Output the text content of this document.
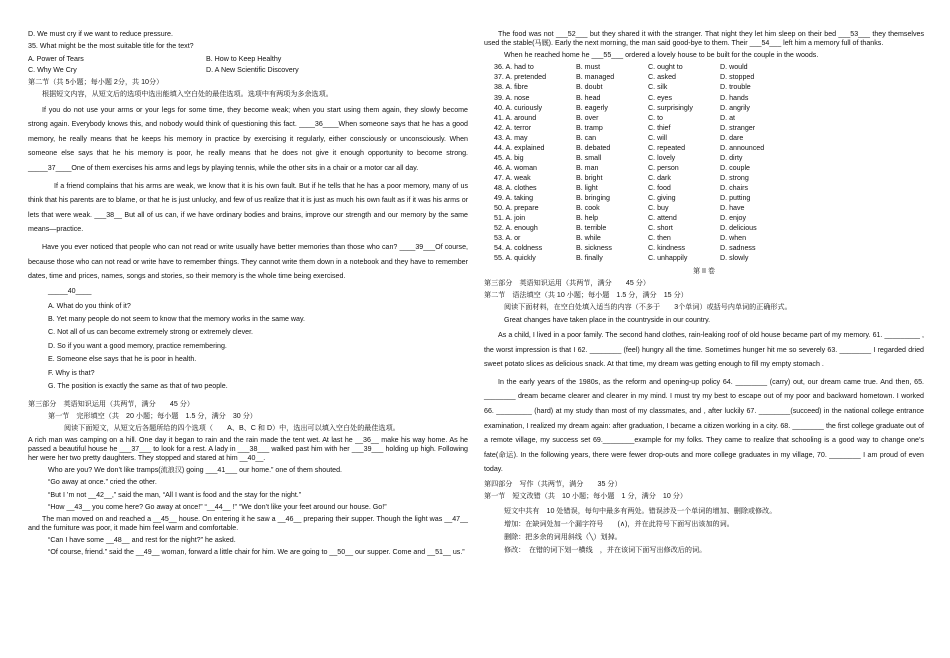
D. We must cry if we want to reduce pressure.

35. What might be the most suitable title for the text?

A. Power of Tears	B. How to Keep Healthy
C. Why We Cry	D. A New Scientific Discovery

第二节（共 5小题；每小题 2分，共 10分）

根据短文内容，从短文后的选项中选出能填入空白处的最佳选项。选项中有两项为多余选项。

If you do not use your arms or your legs for some time, they become weak; when you start using them again, they slowly become strong again. Everybody knows this, and nobody would think of questioning this fact. ____36____When someone says that he has a good memory, he really means that he keeps his memory in practice by exercising it regularly, either consciously or unconsciously. When someone else says that he his memory is poor, he really means that he does not give it enough opportunity to become strong. _____37____One of them exercises his arms and legs by playing tennis, while the other sits in a chair or a motor car all day.

If a friend complains that his arms are weak, we know that it is his own fault. But if he tells that he has a poor memory, many of us think that his parents are to blame, or that he is just unlucky, and few of us realize that it is just as much his own fault as if it was his arms or lets that were weak. ___38__ But all of us can, if we have ordinary bodies and brains, improve our strength and our memory by the same means—practice.

Have you ever noticed that people who can not read or write usually have better memories than those who can? ____39___Of course, because those who can not read or write have to remember things. They cannot write them down in a notebook and they have to remember dates, time and prices, names, songs and stories, so their memory is the whole time being exercised.

_____40____

A. What do you think of it?

B. Yet many people do not seem to know that the memory works in the same way.

C. Not all of us can become extremely strong or extremely clever.

D. So if you want a good memory, practice remembering.

E. Someone else says that he is poor in health.

F. Why is that?

G. The position is exactly the same as that of two people.

第三部分　英语知识运用（共两节，满分　　45 分）

第一节　完形填空（共　20 小题；每小题　1.5 分，满分　30 分）

阅读下面短文，从短文后各题所给的四个选项（　　A、B、C 和 D）中，选出可以填入空白处的最佳选项。

A rich man was camping on a hill. One day it began to rain and the rain made the tent wet. At last he __36__ make his way home. As he passed a beautiful house he ___37___ to look for a rest. A lady in ___38___ walked past him with her ___39___ holding up high. Following her were her two pretty daughters. They stopped and stared at him __40__.

Who are you? We don’t like tramps(流浪汉) going ___41___ our home.” one of them shouted.

“Go away at once.” cried the other.

“But I ’m not __42__,” said the man, “All I want is food and the stay for the night.”

“How __43__ you come here? Go away at once!” “__44__ !” “We don’t like your feet around our house. Go!”

The man moved on and reached a __45__ house. On entering it he saw a __46__ preparing their supper. Though the light was __47__ and the furniture was poor, it made him feel warm and comfortable.

“Can I have some __48__ and rest for the night?” he asked.

“Of course, friend.” said the __49__ woman, forward a little chair for him. We are going to __50__ our supper. Come and __51__ us.”

The food was not ___52___ but they shared it with the stranger. That night they let him sleep on their bed ___53___ they themselves used the stable(马厩). Early the next morning, the man said good-bye to them. Their ___54___ left him a memory full of thanks.

When he reached home he ___55___ ordered a lovely house to be built for the couple in the woods.

36. A. had to	B. must	C. ought to	D. would
37. A. pretended	B. managed	C. asked	D. stopped
38. A. fibre	B. doubt	C. silk	D. trouble
39. A. nose	B. head	C. eyes	D. hands
40. A. curiously	B. eagerly	C. surprisingly	D. angrily
41. A. around	B. over	C. to	D. at
42. A. terror	B. tramp	C. thief	D. stranger
43. A. may	B. can	C. will	D. dare
44. A. explained	B. debated	C. repeated	D. announced
45. A. big	B. small	C. lovely	D. dirty
46. A. woman	B. man	C. person	D. couple
47. A. weak	B. bright	C. dark	D. strong
48. A. clothes	B. light	C. food	D. chairs
49. A. taking	B. bringing	C. giving	D. putting
50. A. prepare	B. cook	C. buy	D. have
51. A. join	B. help	C. attend	D. enjoy
52. A. enough	B. terrible	C. short	D. delicious
53. A. or	B. while	C. then	D. when
54. A. coldness	B. sickness	C. kindness	D. sadness
55. A. quickly	B. finally	C. unhappily	D. slowly

第 II 卷

第三部分　英语知识运用（共两节，满分　　45 分）

第二节　语法填空（共 10 小题；每小题　1.5 分，满分　15 分）

阅读下面材料，在空白处填入适当的内容（不多于　　3个单词）或括号内单词的正确形式。

Great changes have taken place in the countryside in our country.

As a child, I lived in a poor family. The second hand clothes, rain-leaking roof of old house became part of my memory. 61. _________ , the worst impression is that I 62. ________ (feel) hungry all the time. Sometimes hunger hit me so severely 63. ________ I regarded dried sweet potato slices as delicious snack. At that time, my dream was getting enough to fill my empty stomach .

In the early years of the 1980s, as the reform and opening-up policy 64. ________ (carry) out, our dream came true. And then, 65. ________ dream became clearer and clearer in my mind. I must try my best to escape out of my poor and backward hometown. I worked 66. _________ (hard) at my study than most of my classmates, and , after luckily 67. ________(succeed) in the national college entrance examination, I realized my dream again: after graduation, I became a citizen working in a city. 68. ________ the first college graduate out of a remote village, my success set 69.________example for my folks. They came to realize that schooling is a good way to change one’s fate(命运). In the following years, there were fewer drop-outs and more college graduates in my village, 70. ________ I am proud of even today.

第四部分　写作（共两节，满分　　35 分）

第一节　短文改错（共　10 小题；每小题　1 分，满分　10 分）

短文中共有　10 处错误，每句中最多有两处。错误涉及一个单词的增加、删除或修改。

增加：在缺词处加一个漏字符号　　(∧)，并在此符号下面写出该加的词。

删除：把多余的词用斜线（╲）划掉。

修改：　在错的词下划一横线　，并在该词下面写出修改后的词。
